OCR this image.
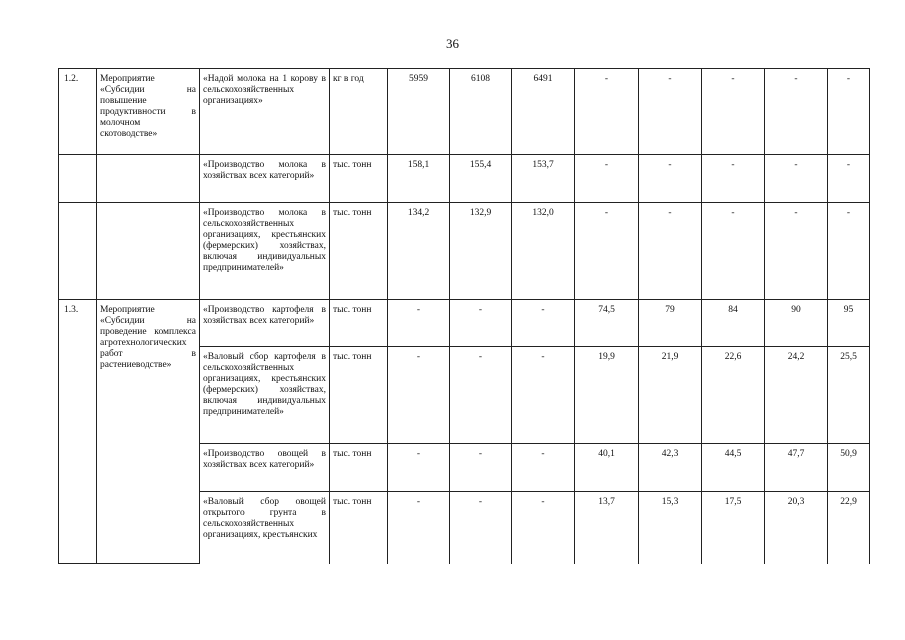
36
1.2.	Мероприятие «Субсидии на повышение продуктивности в молочном скотоводстве»	«Надой молока на 1 корову в сельскохозяйственных организациях»	кг в год	5959	6108	6491	-	-	-	-	-
		«Производство молока в хозяйствах всех категорий»	тыс. тонн	158,1	155,4	153,7	-	-	-	-	-
		«Производство молока в сельскохозяйственных организациях, крестьянских (фермерских) хозяйствах, включая индивидуальных предпринимателей»	тыс. тонн	134,2	132,9	132,0	-	-	-	-	-
1.3.	Мероприятие «Субсидии на проведение комплекса агротехнологических работ в растениеводстве»	«Производство картофеля в хозяйствах всех категорий»	тыс. тонн	-	-	-	74,5	79	84	90	95
		«Валовый сбор картофеля в сельскохозяйственных организациях, крестьянских (фермерских) хозяйствах, включая индивидуальных предпринимателей»	тыс. тонн	-	-	-	19,9	21,9	22,6	24,2	25,5
		«Производство овощей в хозяйствах всех категорий»	тыс. тонн	-	-	-	40,1	42,3	44,5	47,7	50,9
		«Валовый сбор овощей открытого грунта в сельскохозяйственных организациях, крестьянских	тыс. тонн	-	-	-	13,7	15,3	17,5	20,3	22,9
